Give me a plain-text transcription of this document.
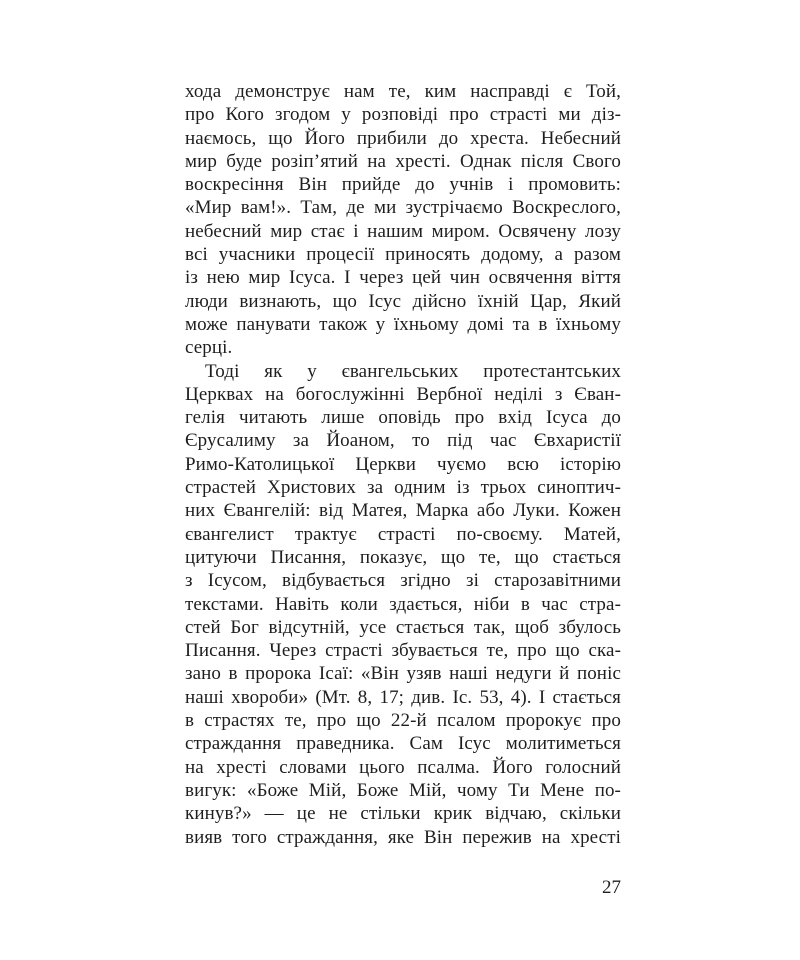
хода демонструє нам те, ким насправді є Той,
про Кого згодом у розповіді про страсті ми діз-
наємось, що Його прибили до хреста. Небесний
мир буде розіп’ятий на хресті. Однак після Свого
воскресіння Він прийде до учнів і промовить:
«Мир вам!». Там, де ми зустрічаємо Воскреслого,
небесний мир стає і нашим миром. Освячену лозу
всі учасники процесії приносять додому, а разом
із нею мир Ісуса. І через цей чин освячення віття
люди визнають, що Ісус дійсно їхній Цар, Який
може панувати також у їхньому домі та в їхньому
серці.
Тоді як у євангельських протестантських
Церквах на богослужінні Вербної неділі з Єван-
гелія читають лише оповідь про вхід Ісуса до
Єрусалиму за Йоаном, то під час Євхаристії
Римо-Католицької Церкви чуємо всю історію
страстей Христових за одним із трьох синоптич-
них Євангелій: від Матея, Марка або Луки. Кожен
євангелист трактує страсті по-своєму. Матей,
цитуючи Писання, показує, що те, що стається
з Ісусом, відбувається згідно зі старозавітними
текстами. Навіть коли здається, ніби в час стра-
стей Бог відсутній, усе стається так, щоб збулось
Писання. Через страсті збувається те, про що ска-
зано в пророка Ісаї: «Він узяв наші недуги й поніс
наші хвороби» (Мт. 8, 17; див. Іс. 53, 4). І стається
в страстях те, про що 22-й псалом пророкує про
страждання праведника. Сам Ісус молитиметься
на хресті словами цього псалма. Його голосний
вигук: «Боже Мій, Боже Мій, чому Ти Мене по-
кинув?» — це не стільки крик відчаю, скільки
вияв того страждання, яке Він пережив на хресті
27
